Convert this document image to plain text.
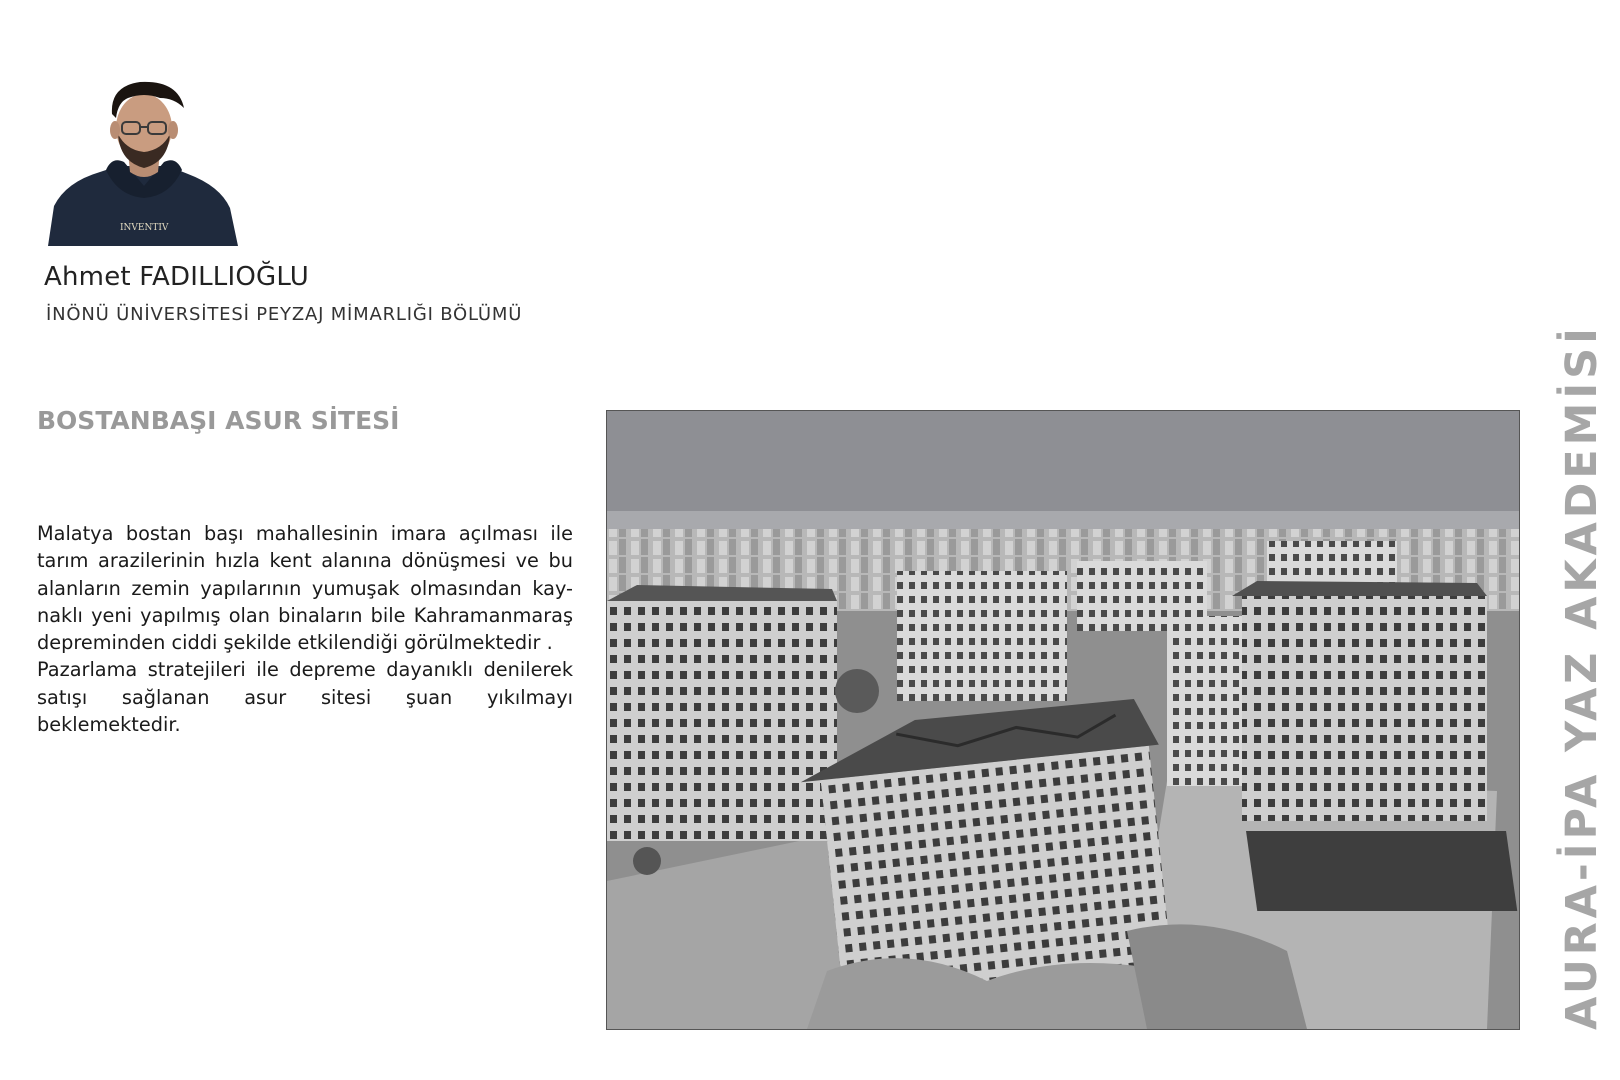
INVENTIV
Ahmet FADILLIOĞLU
İNÖNÜ ÜNİVERSİTESİ PEYZAJ MİMARLIĞI BÖLÜMÜ
BOSTANBAŞI ASUR SİTESİ
Malatya bostan başı mahallesinin imara açılması ile
tarım arazilerinin hızla kent alanına dönüşmesi ve bu
alanların zemin yapılarının yumuşak olmasından kay-
naklı yeni yapılmış olan binaların bile Kahramanmaraş
depreminden ciddi şekilde etkilendiği görülmektedir .
Pazarlama stratejileri ile depreme dayanıklı denilerek
satışı sağlanan asur sitesi şuan yıkılmayı beklemektedir.	AURA-İPA YAZ AKADEMİSİ
